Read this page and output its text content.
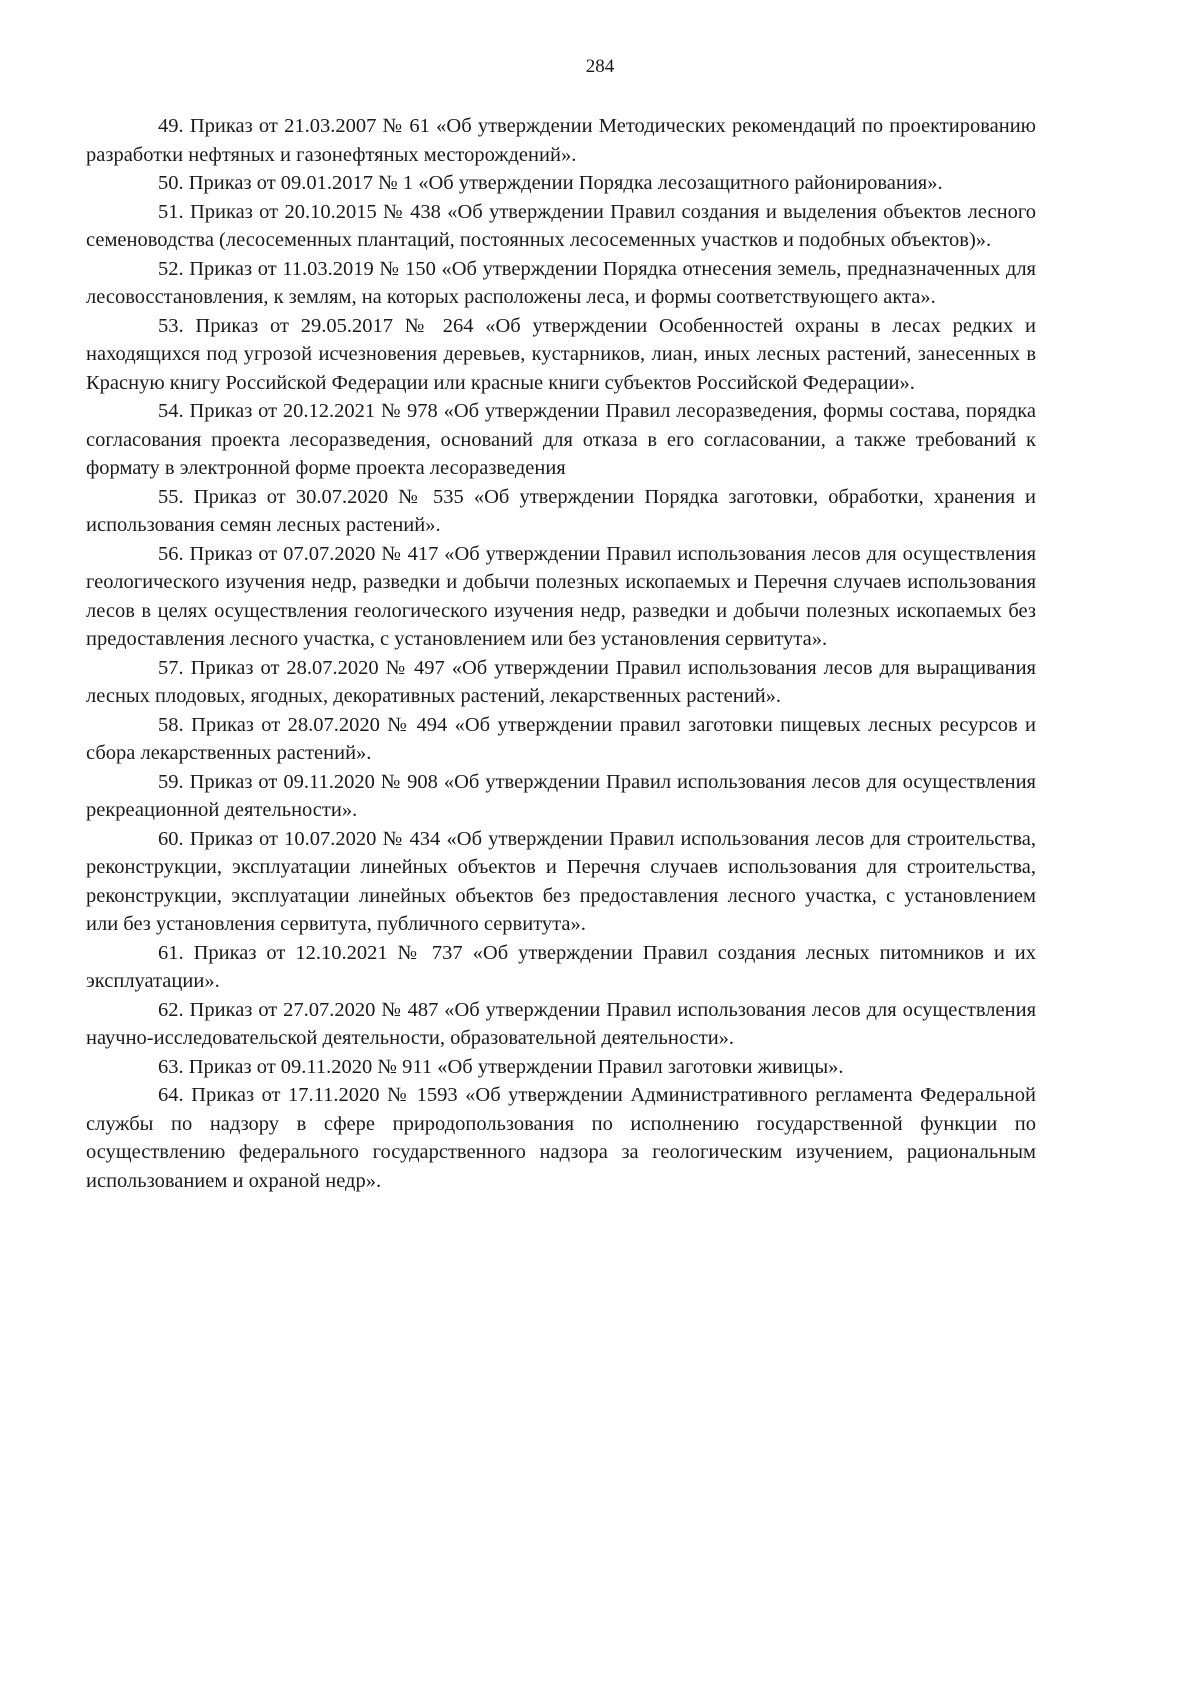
284

49. Приказ от 21.03.2007 № 61 «Об утверждении Методических рекомендаций по проектированию разработки нефтяных и газонефтяных месторождений».

50. Приказ от 09.01.2017 № 1 «Об утверждении Порядка лесозащитного районирования».

51. Приказ от 20.10.2015 № 438 «Об утверждении Правил создания и выделения объектов лесного семеноводства (лесосеменных плантаций, постоянных лесосеменных участков и подобных объектов)».

52. Приказ от 11.03.2019 № 150 «Об утверждении Порядка отнесения земель, предназначенных для лесовосстановления, к землям, на которых расположены леса, и формы соответствующего акта».

53. Приказ от 29.05.2017 № 264 «Об утверждении Особенностей охраны в лесах редких и находящихся под угрозой исчезновения деревьев, кустарников, лиан, иных лесных растений, занесенных в Красную книгу Российской Федерации или красные книги субъектов Российской Федерации».

54. Приказ от 20.12.2021 № 978 «Об утверждении Правил лесоразведения, формы состава, порядка согласования проекта лесоразведения, оснований для отказа в его согласовании, а также требований к формату в электронной форме проекта лесоразведения

55. Приказ от 30.07.2020 № 535 «Об утверждении Порядка заготовки, обработки, хранения и использования семян лесных растений».

56. Приказ от 07.07.2020 № 417 «Об утверждении Правил использования лесов для осуществления геологического изучения недр, разведки и добычи полезных ископаемых и Перечня случаев использования лесов в целях осуществления геологического изучения недр, разведки и добычи полезных ископаемых без предоставления лесного участка, с установлением или без установления сервитута».

57. Приказ от 28.07.2020 № 497 «Об утверждении Правил использования лесов для выращивания лесных плодовых, ягодных, декоративных растений, лекарственных растений».

58. Приказ от 28.07.2020 № 494 «Об утверждении правил заготовки пищевых лесных ресурсов и сбора лекарственных растений».

59. Приказ от 09.11.2020 № 908 «Об утверждении Правил использования лесов для осуществления рекреационной деятельности».

60. Приказ от 10.07.2020 № 434 «Об утверждении Правил использования лесов для строительства, реконструкции, эксплуатации линейных объектов и Перечня случаев использования для строительства, реконструкции, эксплуатации линейных объектов без предоставления лесного участка, с установлением или без установления сервитута, публичного сервитута».

61. Приказ от 12.10.2021 № 737 «Об утверждении Правил создания лесных питомников и их эксплуатации».

62. Приказ от 27.07.2020 № 487 «Об утверждении Правил использования лесов для осуществления научно-исследовательской деятельности, образовательной деятельности».

63. Приказ от 09.11.2020 № 911 «Об утверждении Правил заготовки живицы».

64. Приказ от 17.11.2020 № 1593 «Об утверждении Административного регламента Федеральной службы по надзору в сфере природопользования по исполнению государственной функции по осуществлению федерального государственного надзора за геологическим изучением, рациональным использованием и охраной недр».
